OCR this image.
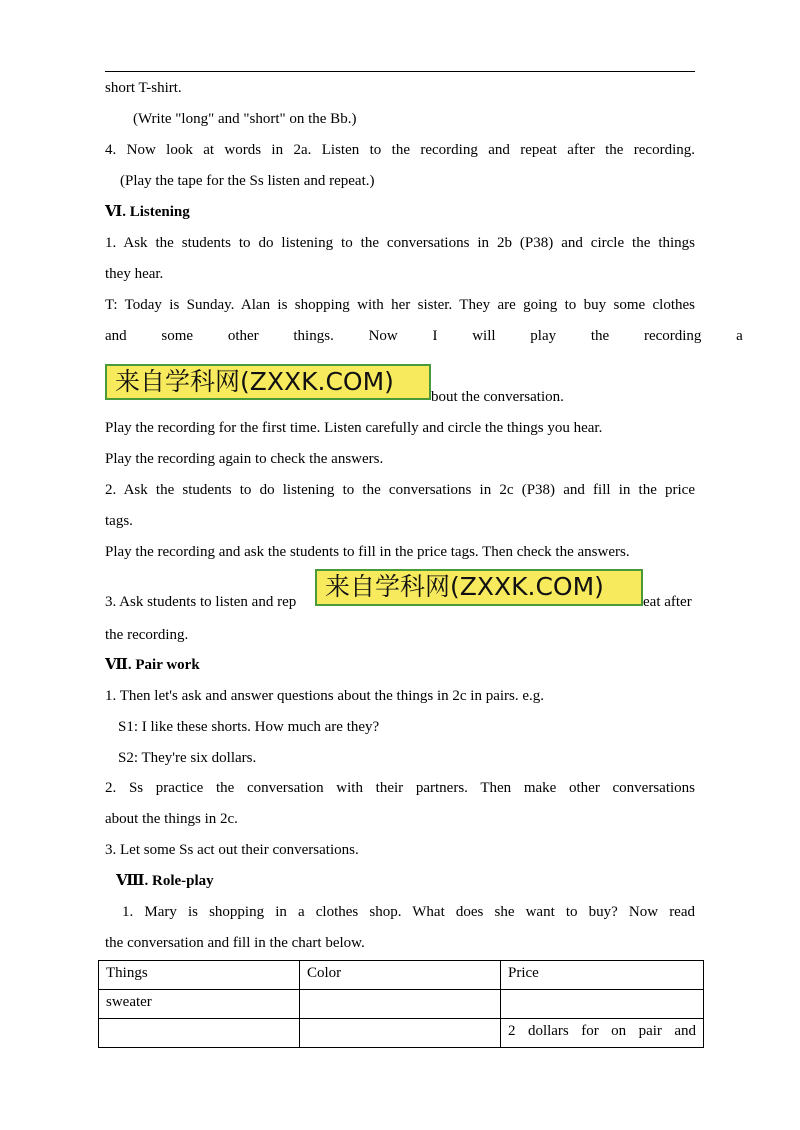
short T-shirt.
(Write "long" and "short" on the Bb.)
4. Now look at words in 2a. Listen to the recording and repeat after the recording.
(Play the tape for the Ss listen and repeat.)
Ⅵ. Listening
1. Ask the students to do listening to the conversations in 2b (P38) and circle the things
they hear.
T: Today is Sunday. Alan is shopping with her sister. They are going to buy some clothes
and some other things. Now I will play the recording a
来自学科网(ZXXK.COM)
bout the conversation.
Play the recording for the first time. Listen carefully and circle the things you hear.
Play the recording again to check the answers.
2. Ask the students to do listening to the conversations in 2c (P38) and fill in the price
tags.
Play the recording and ask the students to fill in the price tags. Then check the answers.
3. Ask students to listen and rep
来自学科网(ZXXK.COM)
eat after
the recording.
Ⅶ. Pair work
1. Then let's ask and answer questions about the things in 2c in pairs. e.g.
S1: I like these shorts. How much are they?
S2: They're six dollars.
2. Ss practice the conversation with their partners. Then make other conversations
about the things in 2c.
3. Let some Ss act out their conversations.
Ⅷ. Role-play
1. Mary is shopping in a clothes shop. What does she want to buy? Now read
the conversation and fill in the chart below.
Things	Color	Price
sweater		
		2 dollars for on pair and
